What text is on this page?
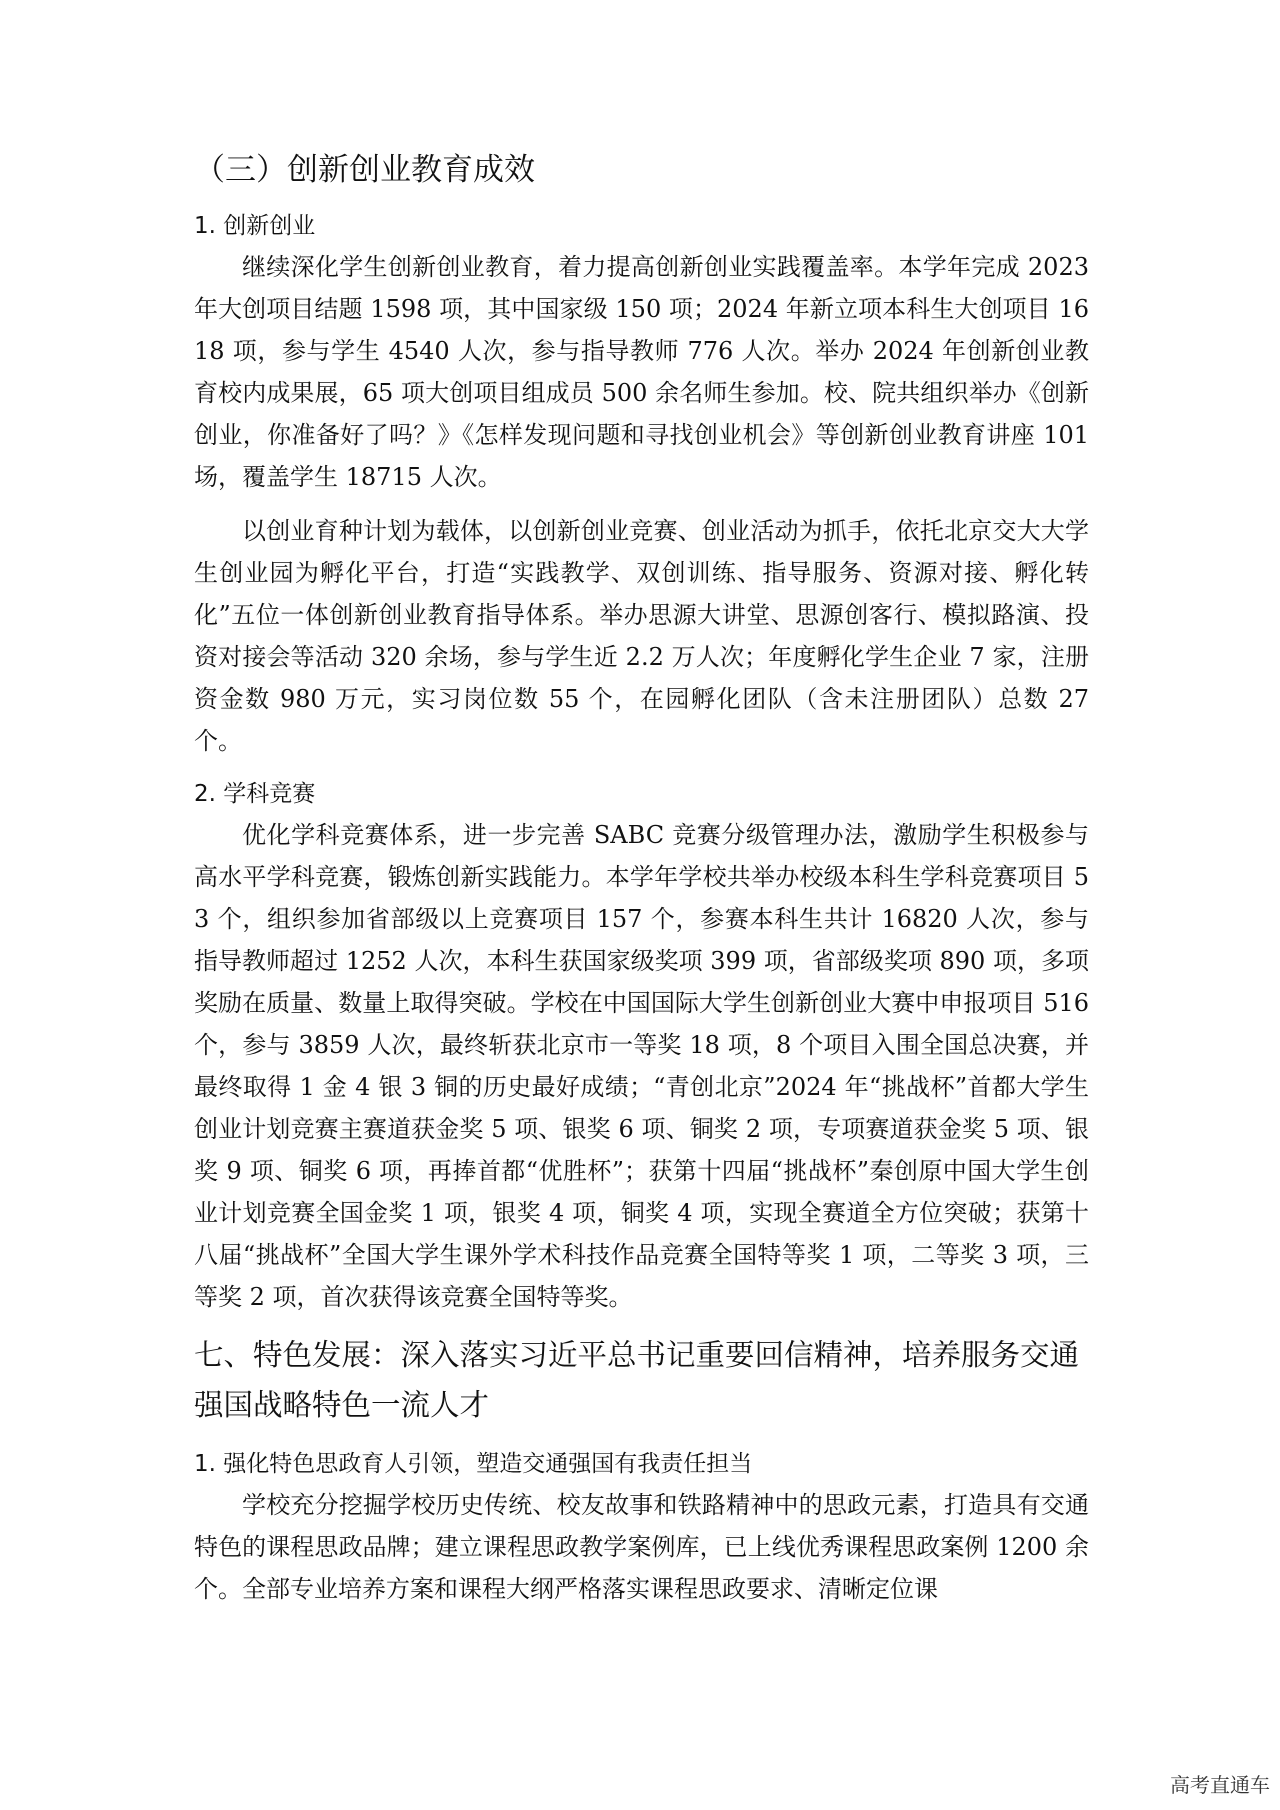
（三）创新创业教育成效
1. 创新创业

继续深化学生创新创业教育，着力提高创新创业实践覆盖率。本学年完成 2023 年大创项目结题 1598 项，其中国家级 150 项；2024 年新立项本科生大创项目 1618 项，参与学生 4540 人次，参与指导教师 776 人次。举办 2024 年创新创业教育校内成果展，65 项大创项目组成员 500 余名师生参加。校、院共组织举办《创新创业，你准备好了吗？》《怎样发现问题和寻找创业机会》等创新创业教育讲座 101 场，覆盖学生 18715 人次。

以创业育种计划为载体，以创新创业竞赛、创业活动为抓手，依托北京交大大学生创业园为孵化平台，打造“实践教学、双创训练、指导服务、资源对接、孵化转化”五位一体创新创业教育指导体系。举办思源大讲堂、思源创客行、模拟路演、投资对接会等活动 320 余场，参与学生近 2.2 万人次；年度孵化学生企业 7 家，注册资金数 980 万元，实习岗位数 55 个，在园孵化团队（含未注册团队）总数 27 个。

2. 学科竞赛

优化学科竞赛体系，进一步完善 SABC 竞赛分级管理办法，激励学生积极参与高水平学科竞赛，锻炼创新实践能力。本学年学校共举办校级本科生学科竞赛项目 53 个，组织参加省部级以上竞赛项目 157 个，参赛本科生共计 16820 人次，参与指导教师超过 1252 人次，本科生获国家级奖项 399 项，省部级奖项 890 项，多项奖励在质量、数量上取得突破。学校在中国国际大学生创新创业大赛中申报项目 516 个，参与 3859 人次，最终斩获北京市一等奖 18 项，8 个项目入围全国总决赛，并最终取得 1 金 4 银 3 铜的历史最好成绩；“青创北京”2024 年“挑战杯”首都大学生创业计划竞赛主赛道获金奖 5 项、银奖 6 项、铜奖 2 项，专项赛道获金奖 5 项、银奖 9 项、铜奖 6 项，再捧首都“优胜杯”；获第十四届“挑战杯”秦创原中国大学生创业计划竞赛全国金奖 1 项，银奖 4 项，铜奖 4 项，实现全赛道全方位突破；获第十八届“挑战杯”全国大学生课外学术科技作品竞赛全国特等奖 1 项，二等奖 3 项，三等奖 2 项，首次获得该竞赛全国特等奖。

七、特色发展：深入落实习近平总书记重要回信精神，培养服务交通强国战略特色一流人才
1. 强化特色思政育人引领，塑造交通强国有我责任担当

学校充分挖掘学校历史传统、校友故事和铁路精神中的思政元素，打造具有交通特色的课程思政品牌；建立课程思政教学案例库，已上线优秀课程思政案例 1200 余个。全部专业培养方案和课程大纲严格落实课程思政要求、清晰定位课

高考直通车
